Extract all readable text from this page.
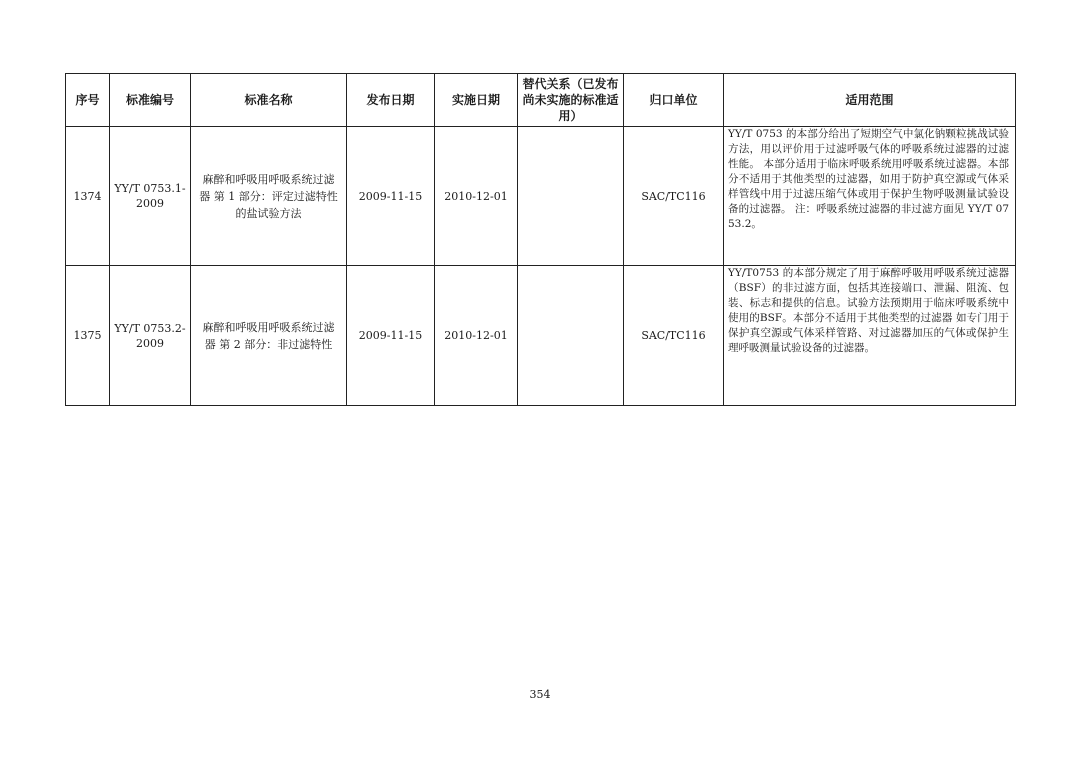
序号	标准编号	标准名称	发布日期	实施日期	替代关系（已发布尚未实施的标准适用）	归口单位	适用范围
1374	YY/T 0753.1-2009	麻醉和呼吸用呼吸系统过滤器 第 1 部分：评定过滤特性的盐试验方法	2009-11-15	2010-12-01		SAC/TC116	YY/T 0753 的本部分给出了短期空气中氯化钠颗粒挑战试验方法，用以评价用于过滤呼吸气体的呼吸系统过滤器的过滤性能。 本部分适用于临床呼吸系统用呼吸系统过滤器。本部分不适用于其他类型的过滤器，如用于防护真空源或气体采样管线中用于过滤压缩气体或用于保护生物呼吸测量试验设备的过滤器。 注：呼吸系统过滤器的非过滤方面见 YY/T 0753.2。
1375	YY/T 0753.2-2009	麻醉和呼吸用呼吸系统过滤器 第 2 部分：非过滤特性	2009-11-15	2010-12-01		SAC/TC116	YY/T0753 的本部分规定了用于麻醉呼吸用呼吸系统过滤器（BSF）的非过滤方面，包括其连接端口、泄漏、阻流、包装、标志和提供的信息。试验方法预期用于临床呼吸系统中使用的BSF。本部分不适用于其他类型的过滤器 如专门用于保护真空源或气体采样管路、对过滤器加压的气体或保护生理呼吸测量试验设备的过滤器。
354
